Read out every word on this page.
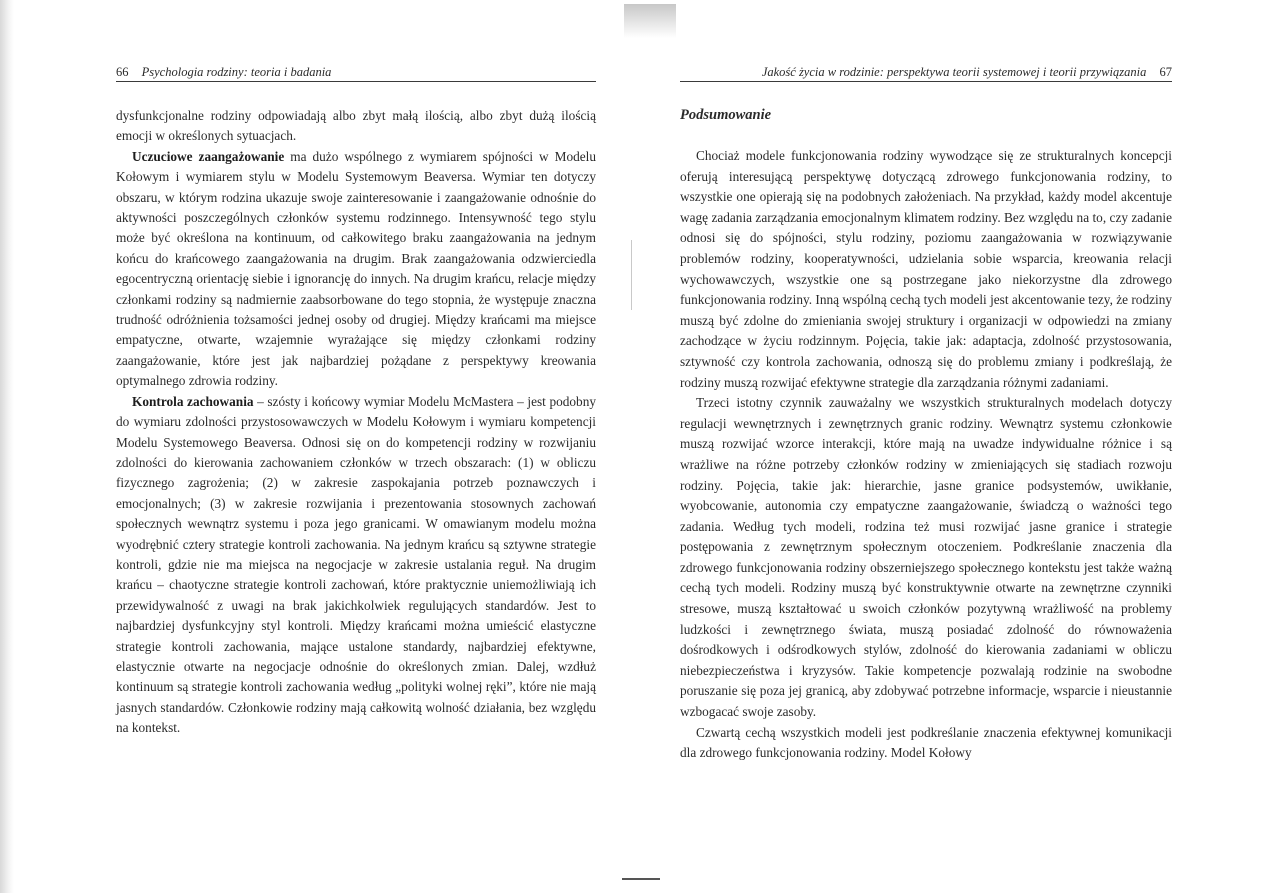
66 Psychologia rodziny: teoria i badania

dysfunkcjonalne rodziny odpowiadają albo zbyt małą ilością, albo zbyt dużą ilością emocji w określonych sytuacjach.

Uczuciowe zaangażowanie ma dużo wspólnego z wymiarem spójności w Modelu Kołowym i wymiarem stylu w Modelu Systemowym Beaversa. Wymiar ten dotyczy obszaru, w którym rodzina ukazuje swoje zainteresowanie i zaangażowanie odnośnie do aktywności poszczególnych członków systemu rodzinnego. Intensywność tego stylu może być określona na kontinuum, od całkowitego braku zaangażowania na jednym końcu do krańcowego zaangażowania na drugim. Brak zaangażowania odzwierciedla egocentryczną orientację siebie i ignorancję do innych. Na drugim krańcu, relacje między członkami rodziny są nadmiernie zaabsorbowane do tego stopnia, że występuje znaczna trudność odróżnienia tożsamości jednej osoby od drugiej. Między krańcami ma miejsce empatyczne, otwarte, wzajemnie wyrażające się między członkami rodziny zaangażowanie, które jest jak najbardziej pożądane z perspektywy kreowania optymalnego zdrowia rodziny.

Kontrola zachowania – szósty i końcowy wymiar Modelu McMastera – jest podobny do wymiaru zdolności przystosowawczych w Modelu Kołowym i wymiaru kompetencji Modelu Systemowego Beaversa. Odnosi się on do kompetencji rodziny w rozwijaniu zdolności do kierowania zachowaniem członków w trzech obszarach: (1) w obliczu fizycznego zagrożenia; (2) w zakresie zaspokajania potrzeb poznawczych i emocjonalnych; (3) w zakresie rozwijania i prezentowania stosownych zachowań społecznych wewnątrz systemu i poza jego granicami. W omawianym modelu można wyodrębnić cztery strategie kontroli zachowania. Na jednym krańcu są sztywne strategie kontroli, gdzie nie ma miejsca na negocjacje w zakresie ustalania reguł. Na drugim krańcu – chaotyczne strategie kontroli zachowań, które praktycznie uniemożliwiają ich przewidywalność z uwagi na brak jakichkolwiek regulujących standardów. Jest to najbardziej dysfunkcyjny styl kontroli. Między krańcami można umieścić elastyczne strategie kontroli zachowania, mające ustalone standardy, najbardziej efektywne, elastycznie otwarte na negocjacje odnośnie do określonych zmian. Dalej, wzdłuż kontinuum są strategie kontroli zachowania według „polityki wolnej ręki”, które nie mają jasnych standardów. Członkowie rodziny mają całkowitą wolność działania, bez względu na kontekst.

Jakość życia w rodzinie: perspektywa teorii systemowej i teorii przywiązania 67
Podsumowanie

Chociaż modele funkcjonowania rodziny wywodzące się ze strukturalnych koncepcji oferują interesującą perspektywę dotyczącą zdrowego funkcjonowania rodziny, to wszystkie one opierają się na podobnych założeniach. Na przykład, każdy model akcentuje wagę zadania zarządzania emocjonalnym klimatem rodziny. Bez względu na to, czy zadanie odnosi się do spójności, stylu rodziny, poziomu zaangażowania w rozwiązywanie problemów rodziny, kooperatywności, udzielania sobie wsparcia, kreowania relacji wychowawczych, wszystkie one są postrzegane jako niekorzystne dla zdrowego funkcjonowania rodziny. Inną wspólną cechą tych modeli jest akcentowanie tezy, że rodziny muszą być zdolne do zmieniania swojej struktury i organizacji w odpowiedzi na zmiany zachodzące w życiu rodzinnym. Pojęcia, takie jak: adaptacja, zdolność przystosowania, sztywność czy kontrola zachowania, odnoszą się do problemu zmiany i podkreślają, że rodziny muszą rozwijać efektywne strategie dla zarządzania różnymi zadaniami.

Trzeci istotny czynnik zauważalny we wszystkich strukturalnych modelach dotyczy regulacji wewnętrznych i zewnętrznych granic rodziny. Wewnątrz systemu członkowie muszą rozwijać wzorce interakcji, które mają na uwadze indywidualne różnice i są wrażliwe na różne potrzeby członków rodziny w zmieniających się stadiach rozwoju rodziny. Pojęcia, takie jak: hierarchie, jasne granice podsystemów, uwikłanie, wyobcowanie, autonomia czy empatyczne zaangażowanie, świadczą o ważności tego zadania. Według tych modeli, rodzina też musi rozwijać jasne granice i strategie postępowania z zewnętrznym społecznym otoczeniem. Podkreślanie znaczenia dla zdrowego funkcjonowania rodziny obszerniejszego społecznego kontekstu jest także ważną cechą tych modeli. Rodziny muszą być konstruktywnie otwarte na zewnętrzne czynniki stresowe, muszą kształtować u swoich członków pozytywną wrażliwość na problemy ludzkości i zewnętrznego świata, muszą posiadać zdolność do równoważenia dośrodkowych i odśrodkowych stylów, zdolność do kierowania zadaniami w obliczu niebezpieczeństwa i kryzysów. Takie kompetencje pozwalają rodzinie na swobodne poruszanie się poza jej granicą, aby zdobywać potrzebne informacje, wsparcie i nieustannie wzbogacać swoje zasoby.

Czwartą cechą wszystkich modeli jest podkreślanie znaczenia efektywnej komunikacji dla zdrowego funkcjonowania rodziny. Model Kołowy
